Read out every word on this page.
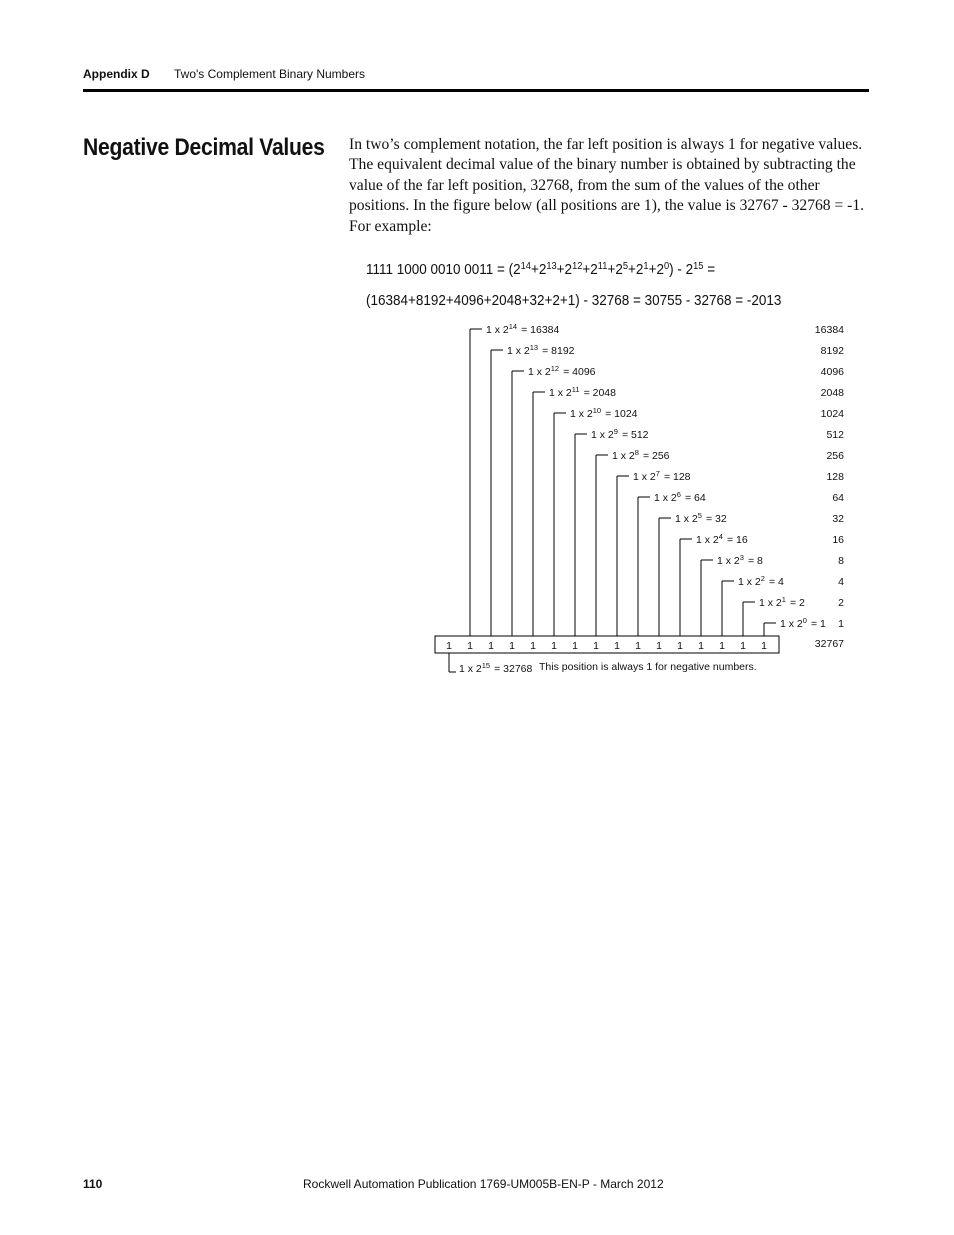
Appendix D Two's Complement Binary Numbers
Negative Decimal Values In two’s complement notation, the far left position is always 1 for negative values. The equivalent decimal value of the binary number is obtained by subtracting the value of the far left position, 32768, from the sum of the values of the other positions. In the figure below (all positions are 1), the value is 32767 - 32768 = -1. For example:

1111 1000 0010 $0011 = (2^{14}+2^{13}+2^{12}+2^{11}+2^5+2^1+2^0) - 2^{15}$ =
(16384+8192+4096+2048+32+2+1) - 32768 = 30755 - 32768 = -2013
1 1 1 1 1 1 1 1 1 1 1 1 1 1 1 1
1 x $2^{14} = 16384$
1 x $2^{13} = 8192$
1 x $2^{12} = 4096$
1 x $2^{11} = 2048$
1 x $2^{10} = 1024$
1 x $2^9 = 512$
1 x $2^8 = 256$
1 x $2^7 = 128$
1 x $2^6 = 64$
1 x $2^5 = 32$
1 x $2^4 = 16$
1 x $2^3 = 8$
1 x $2^2 = 4$
1 x $2^1 = 2$
1 x $2^0 = 1$
16384
8192
4096
2048
1024
512
256
128
64
32
16
8
4
2
1
32767
1 x $2^{15} = 32768$ This position is always 1 for negative numbers.
110	Rockwell Automation Publication 1769-UM005B-EN-P - March 2012
